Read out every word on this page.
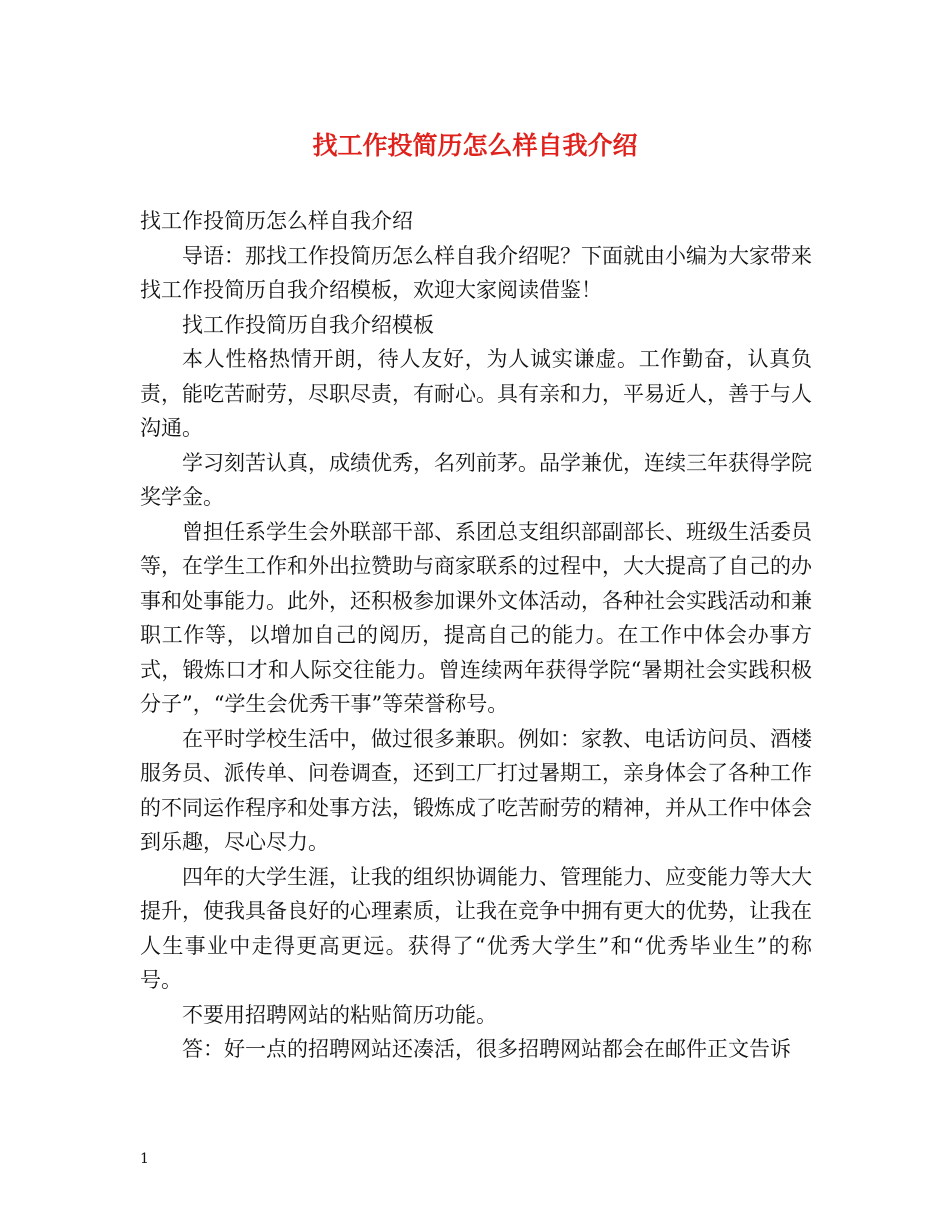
找工作投简历怎么样自我介绍

找工作投简历怎么样自我介绍

导语：那找工作投简历怎么样自我介绍呢？下面就由小编为大家带来找工作投简历自我介绍模板，欢迎大家阅读借鉴！

找工作投简历自我介绍模板

本人性格热情开朗，待人友好，为人诚实谦虚。工作勤奋，认真负责，能吃苦耐劳，尽职尽责，有耐心。具有亲和力，平易近人，善于与人沟通。

学习刻苦认真，成绩优秀，名列前茅。品学兼优，连续三年获得学院奖学金。

曾担任系学生会外联部干部、系团总支组织部副部长、班级生活委员等，在学生工作和外出拉赞助与商家联系的过程中，大大提高了自己的办事和处事能力。此外，还积极参加课外文体活动，各种社会实践活动和兼职工作等，以增加自己的阅历，提高自己的能力。在工作中体会办事方式，锻炼口才和人际交往能力。曾连续两年获得学院“暑期社会实践积极分子”，“学生会优秀干事”等荣誉称号。

在平时学校生活中，做过很多兼职。例如：家教、电话访问员、酒楼服务员、派传单、问卷调查，还到工厂打过暑期工，亲身体会了各种工作的不同运作程序和处事方法，锻炼成了吃苦耐劳的精神，并从工作中体会到乐趣，尽心尽力。

四年的大学生涯，让我的组织协调能力、管理能力、应变能力等大大提升，使我具备良好的心理素质，让我在竞争中拥有更大的优势，让我在人生事业中走得更高更远。获得了“优秀大学生”和“优秀毕业生”的称号。

不要用招聘网站的粘贴简历功能。

答：好一点的招聘网站还凑活，很多招聘网站都会在邮件正文告诉

1
